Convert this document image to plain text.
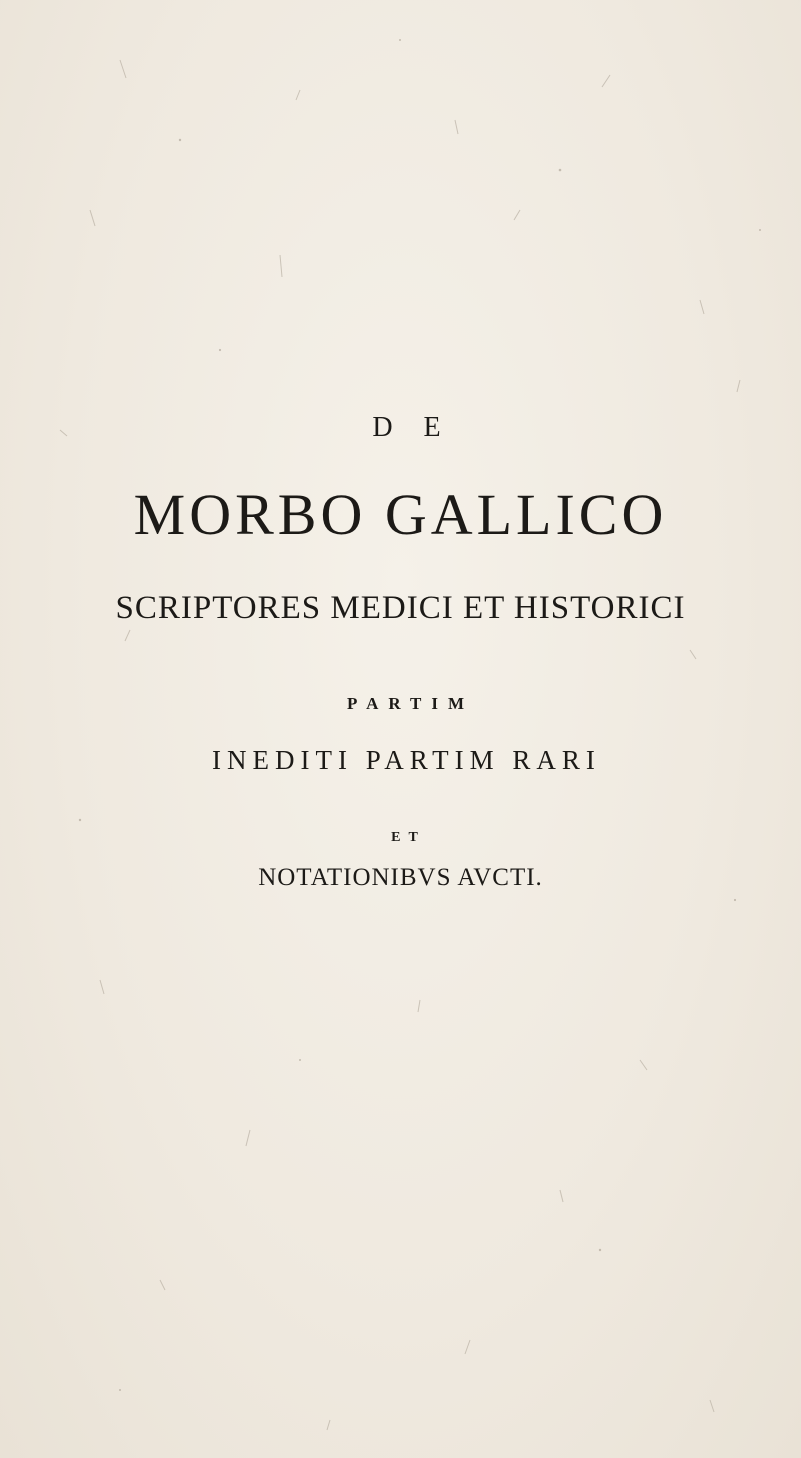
D E
MORBO GALLICO
SCRIPTORES MEDICI ET HISTORICI
PARTIM
INEDITI PARTIM RARI
ET
NOTATIONIBVS AVCTI.
